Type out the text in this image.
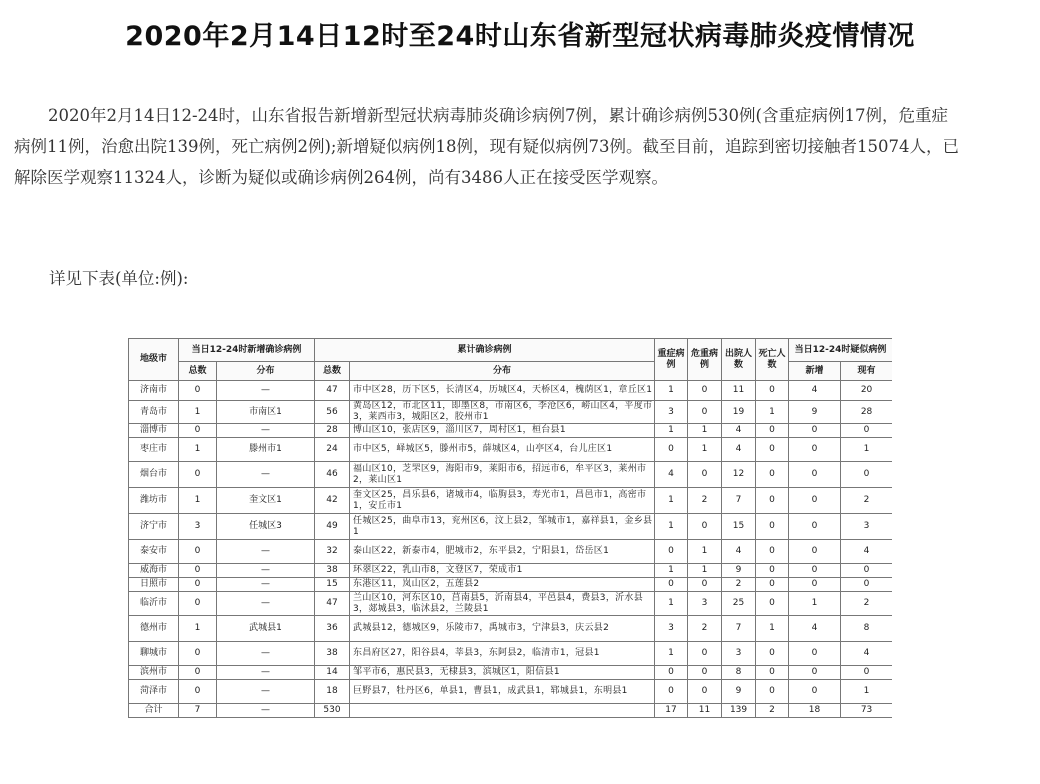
2020年2月14日12时至24时山东省新型冠状病毒肺炎疫情情况

2020年2月14日12-24时，山东省报告新增新型冠状病毒肺炎确诊病例7例，累计确诊病例530例(含重症病例17例，危重症病例11例，治愈出院139例，死亡病例2例);新增疑似病例18例，现有疑似病例73例。截至目前，追踪到密切接触者15074人，已解除医学观察11324人，诊断为疑似或确诊病例264例，尚有3486人正在接受医学观察。

详见下表(单位:例):
地级市	当日12-24时新增确诊病例		累计确诊病例		重症病例	危重病例	出院人数	死亡人数	当日12-24时疑似病例	
	总数	分布	总数	分布					新增	现有
济南市	0	—	47	市中区28，历下区5，长清区4，历城区4，天桥区4，槐荫区1，章丘区1	1	0	11	0	4	20
青岛市	1	市南区1	56	黄岛区12，市北区11，即墨区8，市南区6，李沧区6，崂山区4，平度市3，莱西市3，城阳区2，胶州市1	3	0	19	1	9	28
淄博市	0	—	28	博山区10，张店区9，淄川区7，周村区1，桓台县1	1	1	4	0	0	0
枣庄市	1	滕州市1	24	市中区5，峄城区5，滕州市5，薛城区4，山亭区4，台儿庄区1	0	1	4	0	0	1
烟台市	0	—	46	福山区10，芝罘区9，海阳市9，莱阳市6，招远市6，牟平区3，莱州市2，莱山区1	4	0	12	0	0	0
潍坊市	1	奎文区1	42	奎文区25，昌乐县6，诸城市4，临朐县3，寿光市1，昌邑市1，高密市1，安丘市1	1	2	7	0	0	2
济宁市	3	任城区3	49	任城区25，曲阜市13，兖州区6，汶上县2，邹城市1，嘉祥县1，金乡县1	1	0	15	0	0	3
泰安市	0	—	32	泰山区22，新泰市4，肥城市2，东平县2，宁阳县1，岱岳区1	0	1	4	0	0	4
威海市	0	—	38	环翠区22，乳山市8，文登区7，荣成市1	1	1	9	0	0	0
日照市	0	—	15	东港区11，岚山区2，五莲县2	0	0	2	0	0	0
临沂市	0	—	47	兰山区10，河东区10，莒南县5，沂南县4，平邑县4，费县3，沂水县3，郯城县3，临沭县2，兰陵县1	1	3	25	0	1	2
德州市	1	武城县1	36	武城县12，德城区9，乐陵市7，禹城市3，宁津县3，庆云县2	3	2	7	1	4	8
聊城市	0	—	38	东昌府区27，阳谷县4，莘县3，东阿县2，临清市1，冠县1	1	0	3	0	0	4
滨州市	0	—	14	邹平市6，惠民县3，无棣县3，滨城区1，阳信县1	0	0	8	0	0	0
菏泽市	0	—	18	巨野县7，牡丹区6，单县1，曹县1，成武县1，郓城县1，东明县1	0	0	9	0	0	1
合计	7	—	530		17	11	139	2	18	73
